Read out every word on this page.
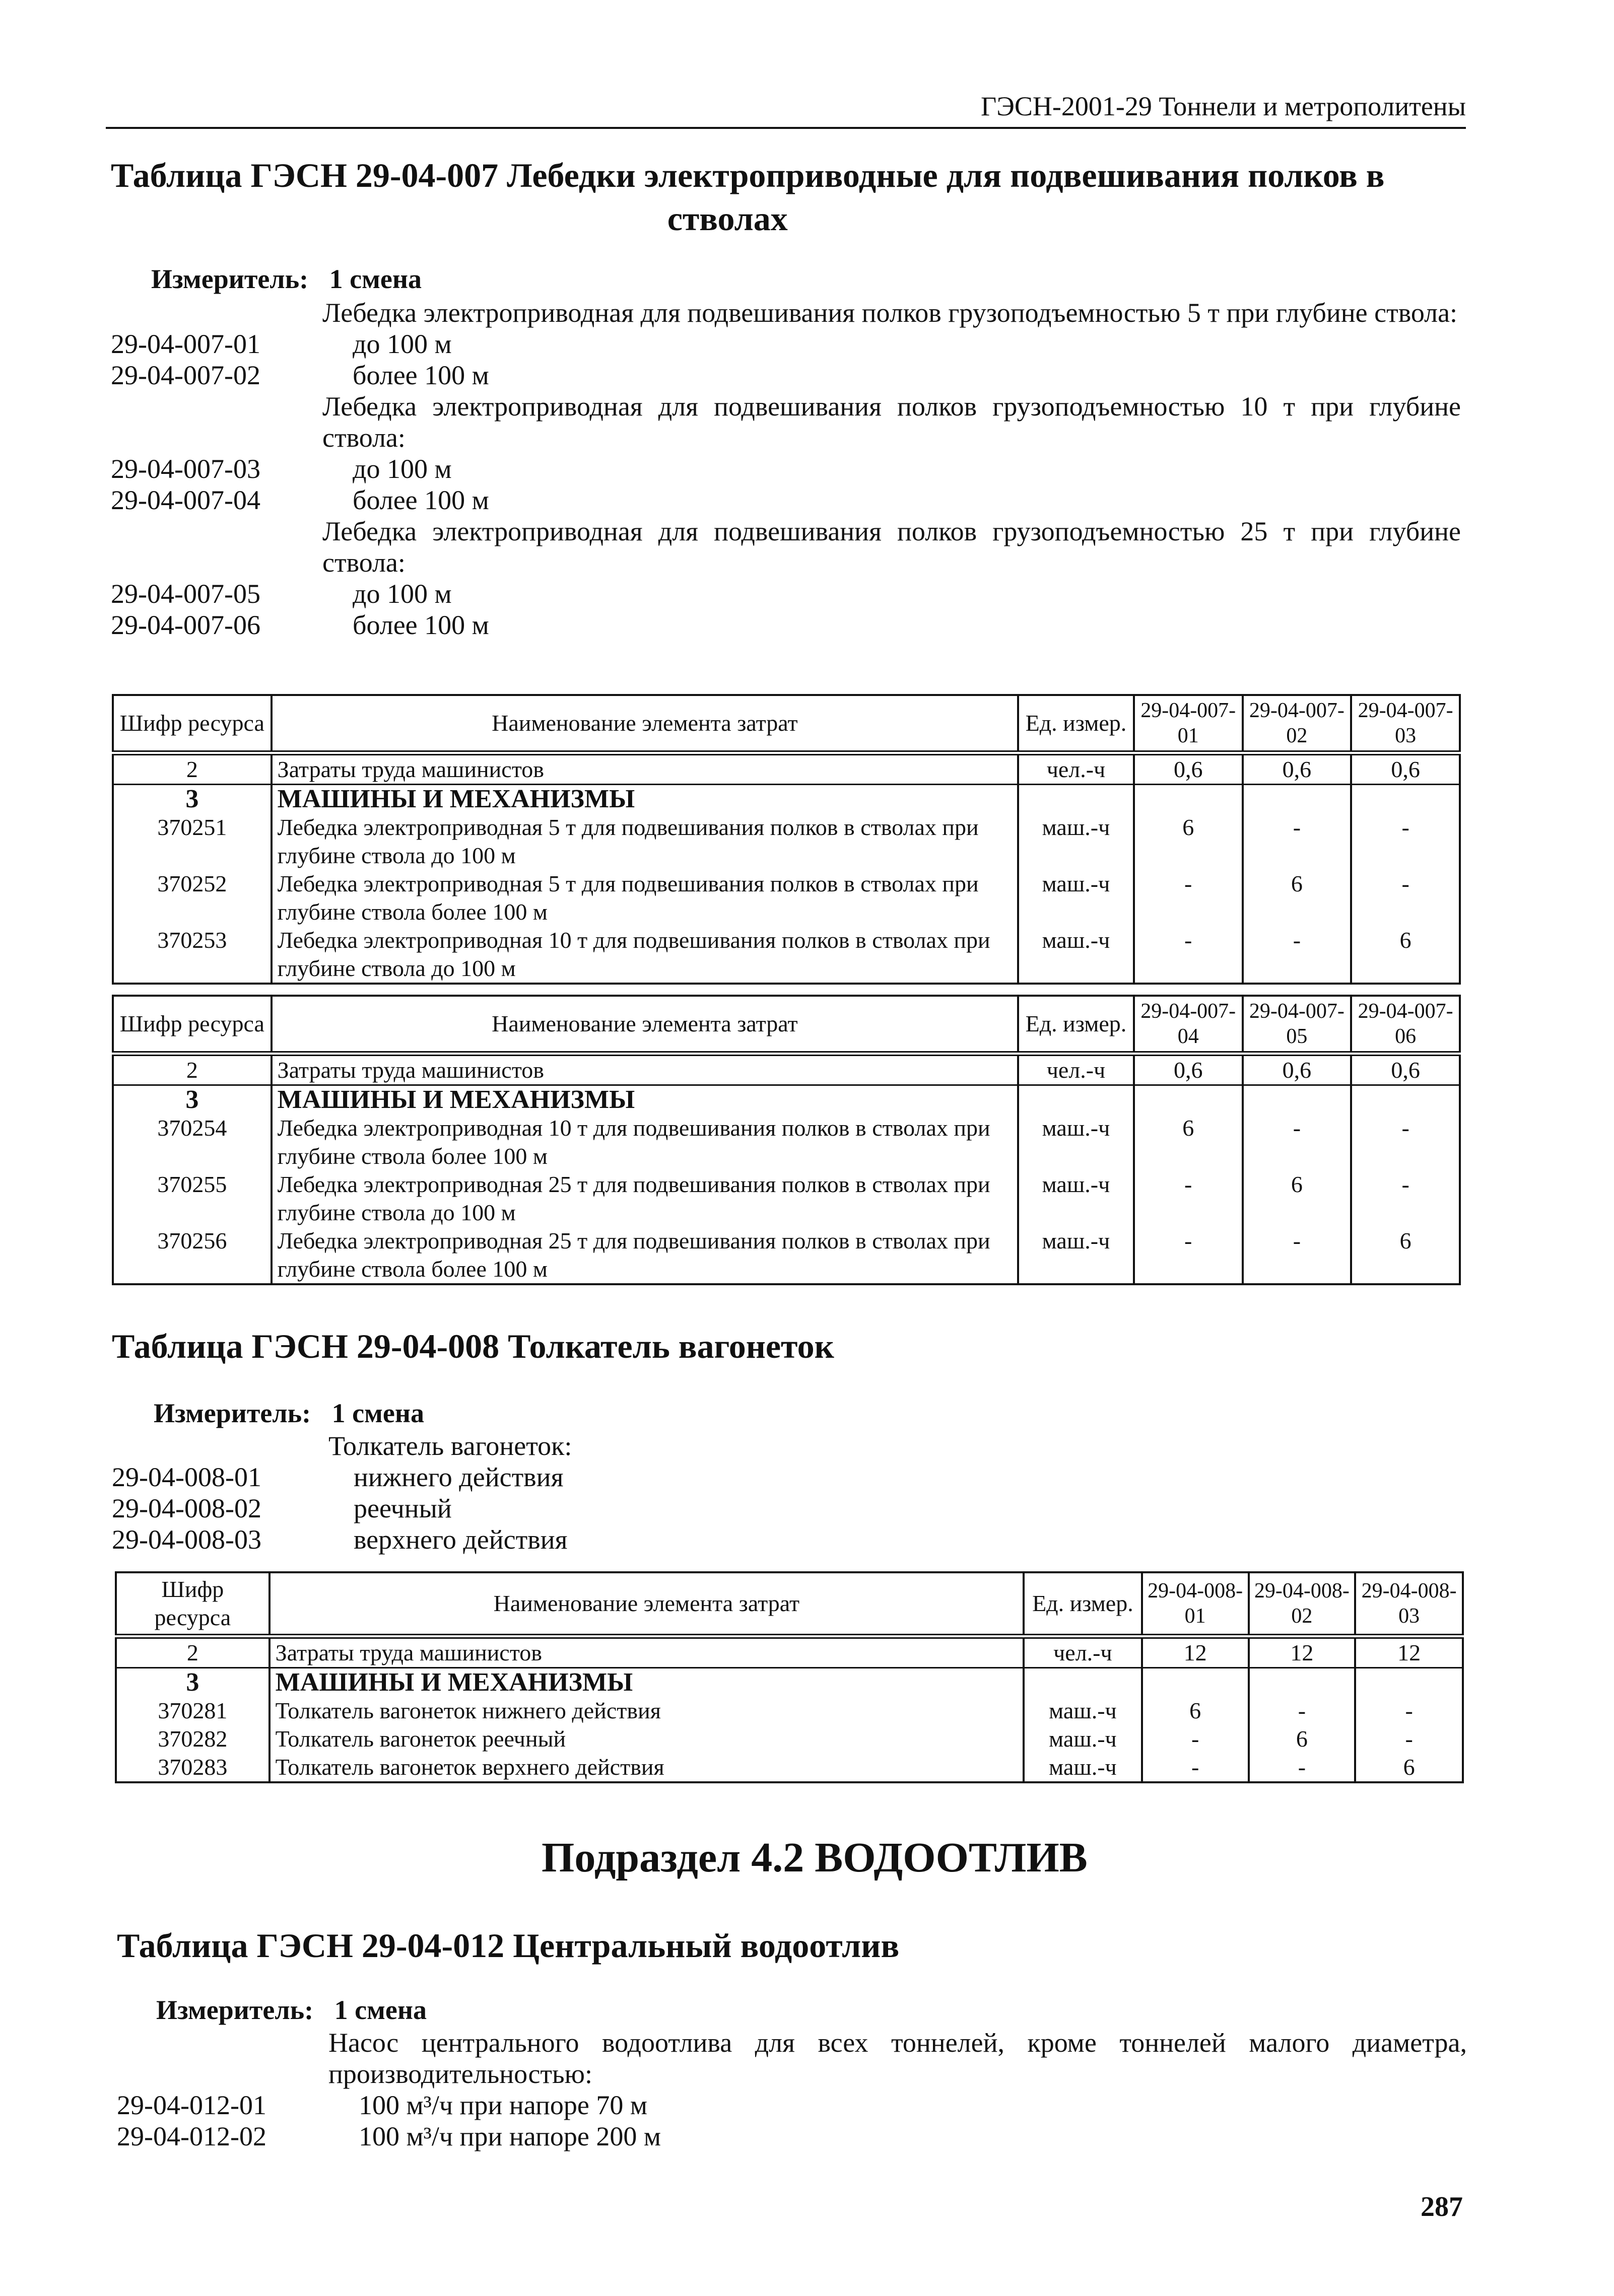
ГЭСН-2001-29 Тоннели и метрополитены
Таблица ГЭСН 29-04-007 Лебедки электроприводные для подвешивания полков в
стволах
Измеритель: 1 смена
Лебедка электроприводная для подвешивания полков грузоподъемностью 5 т при глубине ствола:
29-04-007-01	до 100 м
29-04-007-02	более 100 м
Лебедка электроприводная для подвешивания полков грузоподъемностью 10 т при глубине ствола:
29-04-007-03	до 100 м
29-04-007-04	более 100 м
Лебедка электроприводная для подвешивания полков грузоподъемностью 25 т при глубине ствола:
29-04-007-05	до 100 м
29-04-007-06	более 100 м
Шифр ресурса	Наименование элемента затрат	Ед. измер.	29-04-007-01	29-04-007-02	29-04-007-03
2	Затраты труда машинистов	чел.-ч	0,6	0,6	0,6
3	МАШИНЫ И МЕХАНИЗМЫ				
370251	Лебедка электроприводная 5 т для подвешивания полков в стволах при глубине ствола до 100 м	маш.-ч	6	-	-
370252	Лебедка электроприводная 5 т для подвешивания полков в стволах при глубине ствола более 100 м	маш.-ч	-	6	-
370253	Лебедка электроприводная 10 т для подвешивания полков в стволах при глубине ствола до 100 м	маш.-ч	-	-	6
Шифр ресурса	Наименование элемента затрат	Ед. измер.	29-04-007-04	29-04-007-05	29-04-007-06
2	Затраты труда машинистов	чел.-ч	0,6	0,6	0,6
3	МАШИНЫ И МЕХАНИЗМЫ				
370254	Лебедка электроприводная 10 т для подвешивания полков в стволах при глубине ствола более 100 м	маш.-ч	6	-	-
370255	Лебедка электроприводная 25 т для подвешивания полков в стволах при глубине ствола до 100 м	маш.-ч	-	6	-
370256	Лебедка электроприводная 25 т для подвешивания полков в стволах при глубине ствола более 100 м	маш.-ч	-	-	6
Таблица ГЭСН 29-04-008 Толкатель вагонеток
Измеритель: 1 смена
Толкатель вагонеток:
29-04-008-01	нижнего действия
29-04-008-02	реечный
29-04-008-03	верхнего действия
Шифр ресурса	Наименование элемента затрат	Ед. измер.	29-04-008-01	29-04-008-02	29-04-008-03
2	Затраты труда машинистов	чел.-ч	12	12	12
3	МАШИНЫ И МЕХАНИЗМЫ				
370281	Толкатель вагонеток нижнего действия	маш.-ч	6	-	-
370282	Толкатель вагонеток реечный	маш.-ч	-	6	-
370283	Толкатель вагонеток верхнего действия	маш.-ч	-	-	6
Подраздел 4.2 ВОДООТЛИВ
Таблица ГЭСН 29-04-012 Центральный водоотлив
Измеритель: 1 смена
Насос центрального водоотлива для всех тоннелей, кроме тоннелей малого диаметра, производительностью:
29-04-012-01	100 м³/ч при напоре 70 м
29-04-012-02	100 м³/ч при напоре 200 м
287
